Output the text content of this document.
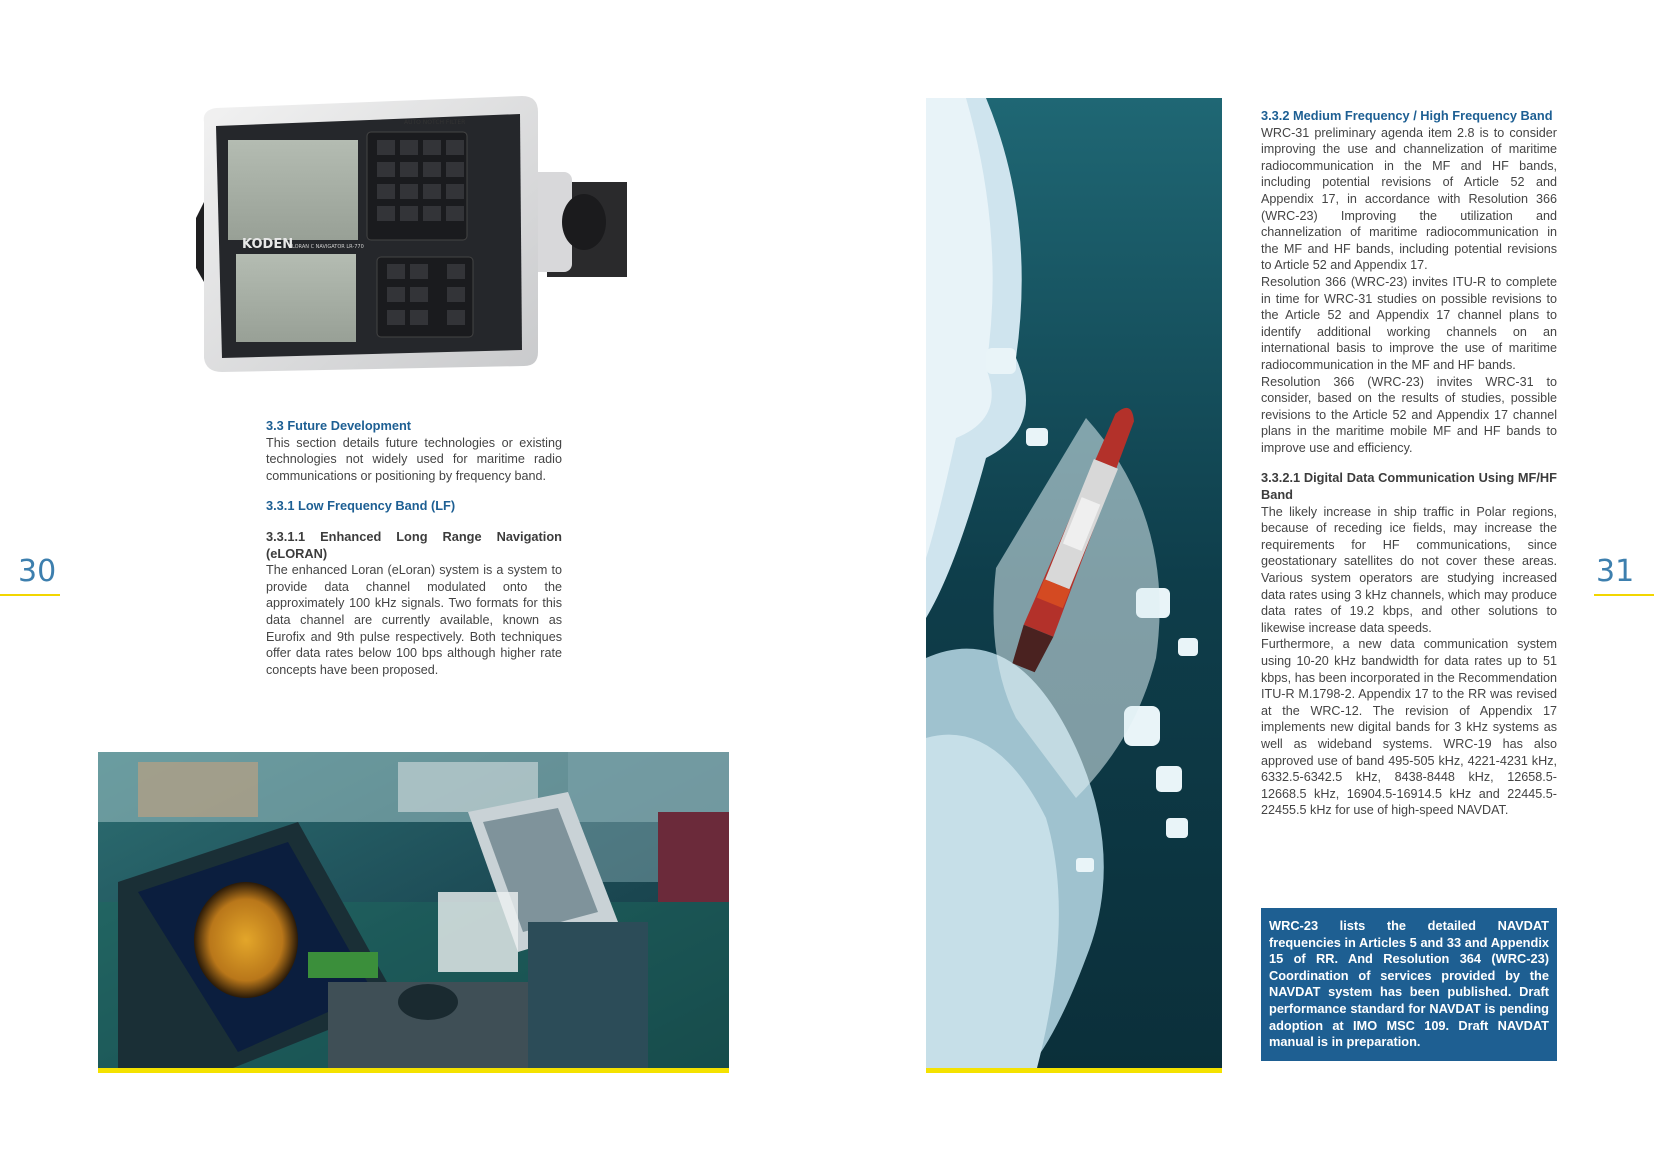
30	31
KODEN
LORAN C NAVIGATOR LR-770
AUTO NOTCH FILTER
3.3 Future Development

This section details future technologies or existing technologies not widely used for maritime radio communications or positioning by frequency band.

3.3.1 Low Frequency Band (LF)
3.3.1.1 Enhanced Long Range Navigation (eLORAN)

The enhanced Loran (eLoran) system is a system to provide data channel modulated onto the approximately 100 kHz signals. Two formats for this data channel are currently available, known as Eurofix and 9th pulse respectively. Both techniques offer data rates below 100 bps although higher rate concepts have been proposed.

3.3.2 Medium Frequency / High Frequency Band

WRC-31 preliminary agenda item 2.8 is to consider improving the use and channelization of maritime radiocommunication in the MF and HF bands, including potential revisions of Article 52 and Appendix 17, in accordance with Resolution 366 (WRC-23) Improving the utilization and channelization of maritime radiocommunication in the MF and HF bands, including potential revisions to Article 52 and Appendix 17.

Resolution 366 (WRC-23) invites ITU-R to complete in time for WRC-31 studies on possible revisions to the Article 52 and Appendix 17 channel plans to identify additional working channels on an international basis to improve the use of maritime radiocommunication in the MF and HF bands.

Resolution 366 (WRC-23) invites WRC-31 to consider, based on the results of studies, possible revisions to the Article 52 and Appendix 17 channel plans in the maritime mobile MF and HF bands to improve use and efficiency.

3.3.2.1 Digital Data Communication Using MF/HF Band

The likely increase in ship traffic in Polar regions, because of receding ice fields, may increase the requirements for HF communications, since geostationary satellites do not cover these areas. Various system operators are studying increased data rates using 3 kHz channels, which may produce data rates of 19.2 kbps, and other solutions to likewise increase data speeds.

Furthermore, a new data communication system using 10-20 kHz bandwidth for data rates up to 51 kbps, has been incorporated in the Recommendation ITU-R M.1798-2. Appendix 17 to the RR was revised at the WRC-12. The revision of Appendix 17 implements new digital bands for 3 kHz systems as well as wideband systems. WRC-19 has also approved use of band 495-505 kHz, 4221-4231 kHz, 6332.5-6342.5 kHz, 8438-8448 kHz, 12658.5-12668.5 kHz, 16904.5-16914.5 kHz and 22445.5-22455.5 kHz for use of high-speed NAVDAT.

WRC-23 lists the detailed NAVDAT frequencies in Articles 5 and 33 and Appendix 15 of RR. And Resolution 364 (WRC-23) Coordination of services provided by the NAVDAT system has been published. Draft performance standard for NAVDAT is pending adoption at IMO MSC 109. Draft NAVDAT manual is in preparation.
